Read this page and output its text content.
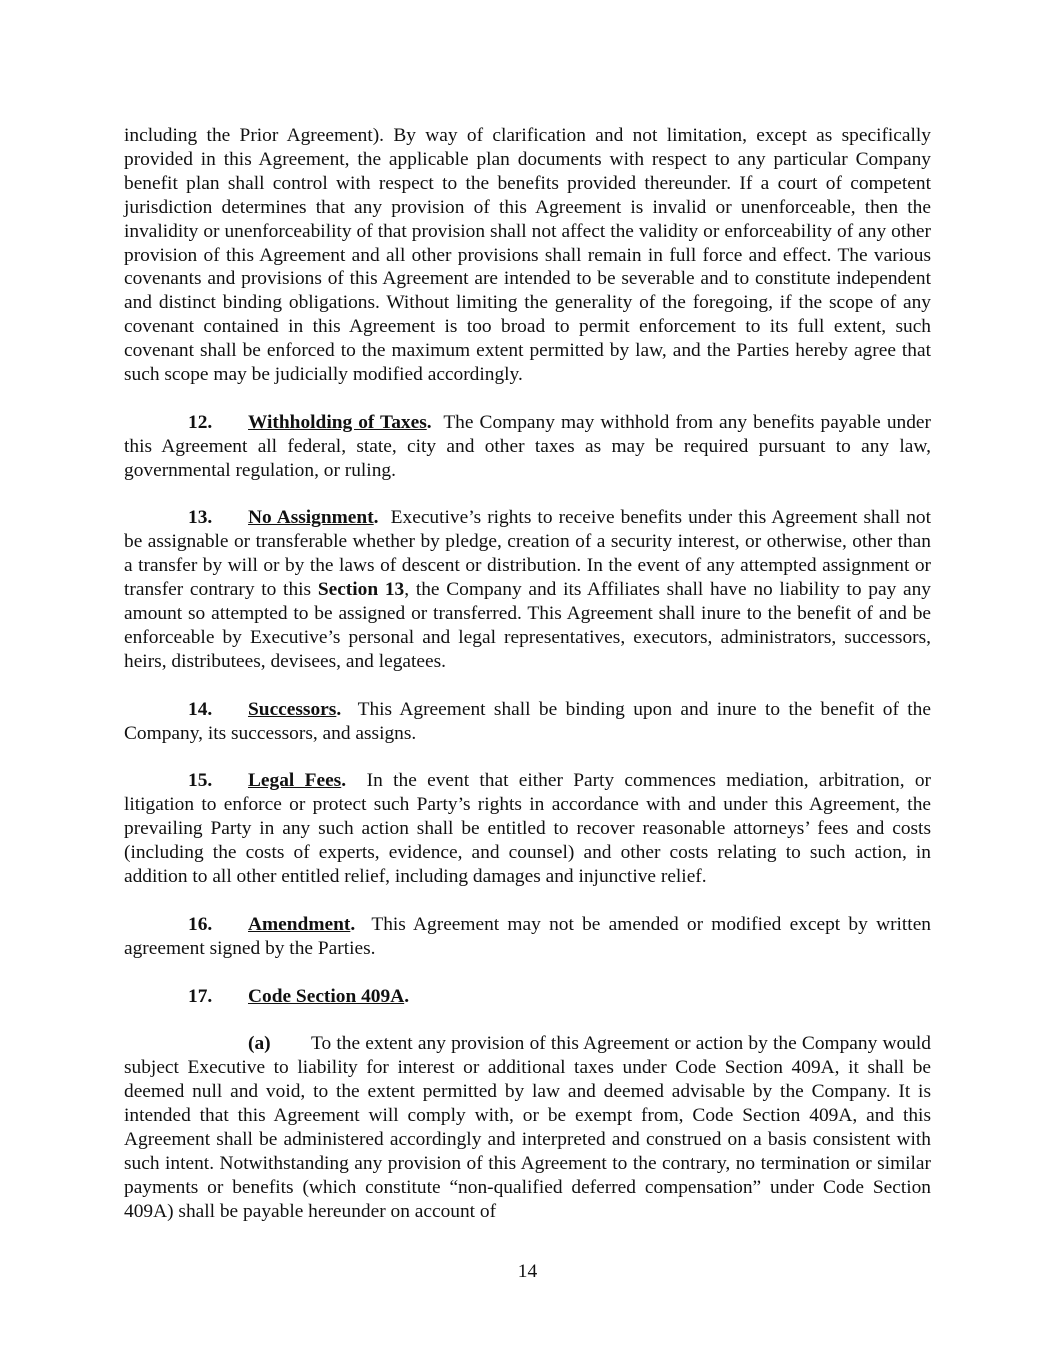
including the Prior Agreement). By way of clarification and not limitation, except as specifically provided in this Agreement, the applicable plan documents with respect to any particular Company benefit plan shall control with respect to the benefits provided thereunder. If a court of competent jurisdiction determines that any provision of this Agreement is invalid or unenforceable, then the invalidity or unenforceability of that provision shall not affect the validity or enforceability of any other provision of this Agreement and all other provisions shall remain in full force and effect. The various covenants and provisions of this Agreement are intended to be severable and to constitute independent and distinct binding obligations. Without limiting the generality of the foregoing, if the scope of any covenant contained in this Agreement is too broad to permit enforcement to its full extent, such covenant shall be enforced to the maximum extent permitted by law, and the Parties hereby agree that such scope may be judicially modified accordingly.

12. Withholding of Taxes. The Company may withhold from any benefits payable under this Agreement all federal, state, city and other taxes as may be required pursuant to any law, governmental regulation, or ruling.

13. No Assignment. Executive’s rights to receive benefits under this Agreement shall not be assignable or transferable whether by pledge, creation of a security interest, or otherwise, other than a transfer by will or by the laws of descent or distribution. In the event of any attempted assignment or transfer contrary to this Section 13, the Company and its Affiliates shall have no liability to pay any amount so attempted to be assigned or transferred. This Agreement shall inure to the benefit of and be enforceable by Executive’s personal and legal representatives, executors, administrators, successors, heirs, distributees, devisees, and legatees.

14. Successors. This Agreement shall be binding upon and inure to the benefit of the Company, its successors, and assigns.

15. Legal Fees. In the event that either Party commences mediation, arbitration, or litigation to enforce or protect such Party’s rights in accordance with and under this Agreement, the prevailing Party in any such action shall be entitled to recover reasonable attorneys’ fees and costs (including the costs of experts, evidence, and counsel) and other costs relating to such action, in addition to all other entitled relief, including damages and injunctive relief.

16. Amendment. This Agreement may not be amended or modified except by written agreement signed by the Parties.

17. Code Section 409A.

(a) To the extent any provision of this Agreement or action by the Company would subject Executive to liability for interest or additional taxes under Code Section 409A, it shall be deemed null and void, to the extent permitted by law and deemed advisable by the Company. It is intended that this Agreement will comply with, or be exempt from, Code Section 409A, and this Agreement shall be administered accordingly and interpreted and construed on a basis consistent with such intent. Notwithstanding any provision of this Agreement to the contrary, no termination or similar payments or benefits (which constitute “non-qualified deferred compensation” under Code Section 409A) shall be payable hereunder on account of

14
